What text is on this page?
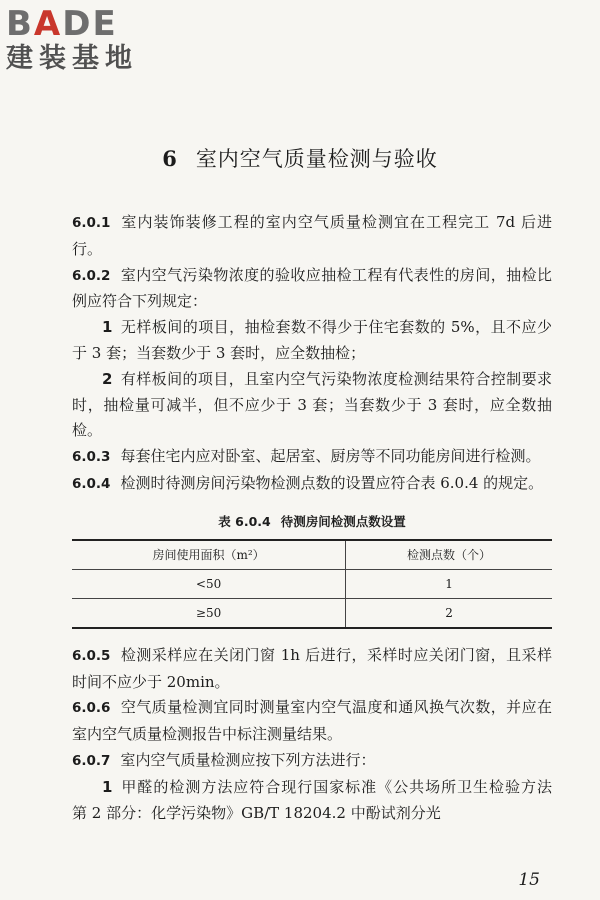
BADE
建装基地
6 室内空气质量检测与验收

6.0.1 室内装饰装修工程的室内空气质量检测宜在工程完工 7d 后进行。

6.0.2 室内空气污染物浓度的验收应抽检工程有代表性的房间，抽检比例应符合下列规定：

1 无样板间的项目，抽检套数不得少于住宅套数的 5%，且不应少于 3 套；当套数少于 3 套时，应全数抽检；

2 有样板间的项目，且室内空气污染物浓度检测结果符合控制要求时，抽检量可减半，但不应少于 3 套；当套数少于 3 套时，应全数抽检。

6.0.3 每套住宅内应对卧室、起居室、厨房等不同功能房间进行检测。

6.0.4 检测时待测房间污染物检测点数的设置应符合表 6.0.4 的规定。

表 6.0.4 待测房间检测点数设置
房间使用面积（m²）	检测点数（个）
<50	1
≥50	2

6.0.5 检测采样应在关闭门窗 1h 后进行，采样时应关闭门窗，且采样时间不应少于 20min。

6.0.6 空气质量检测宜同时测量室内空气温度和通风换气次数，并应在室内空气质量检测报告中标注测量结果。

6.0.7 室内空气质量检测应按下列方法进行：

1 甲醛的检测方法应符合现行国家标准《公共场所卫生检验方法　第 2 部分：化学污染物》GB/T 18204.2 中酚试剂分光

15
